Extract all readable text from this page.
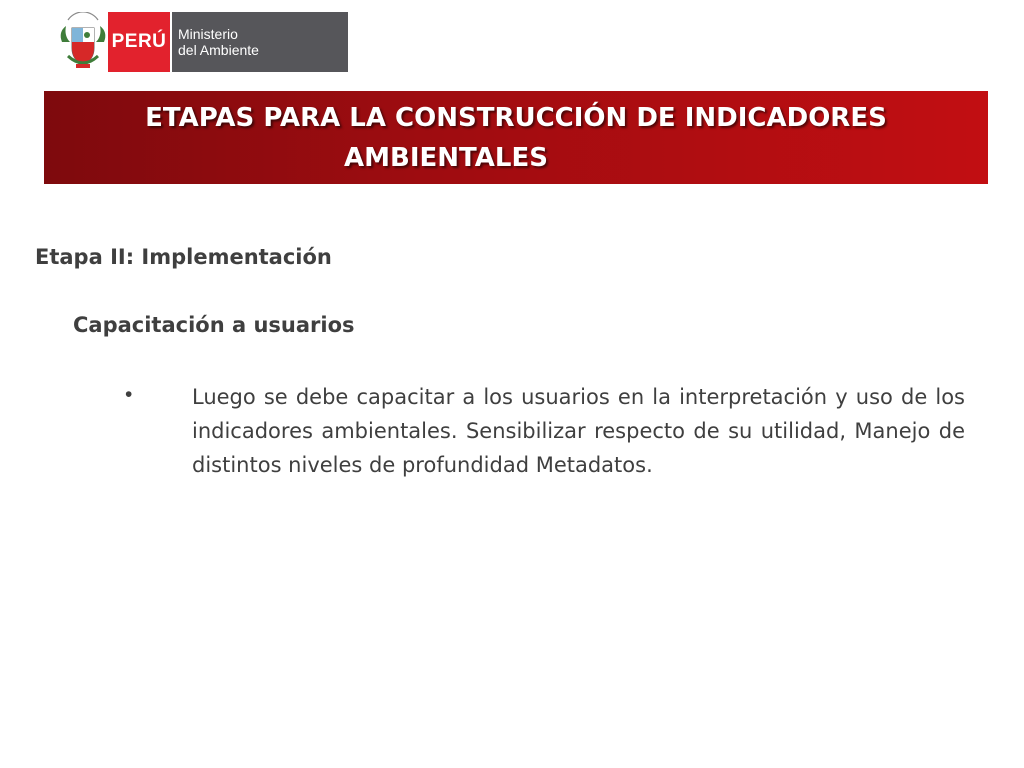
PERÚ Ministerio
del Ambiente
ETAPAS PARA LA CONSTRUCCIÓN DE INDICADORES
AMBIENTALES
Etapa II: Implementación
Capacitación a usuarios
•	Luego se debe capacitar a los usuarios en la interpretación y uso de los indicadores ambientales. Sensibilizar respecto de su utilidad, Manejo de distintos niveles de profundidad Metadatos.
